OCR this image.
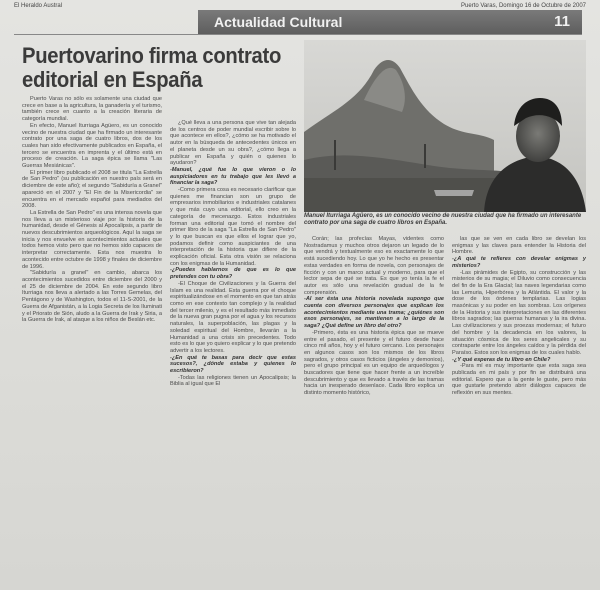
El Heraldo Austral	Puerto Varas, Domingo 16 de Octubre de 2007
Actualidad Cultural	11
Puertovarino firma contrato editorial en España

Puerto Varas no sólo es solamente una ciudad que crece en base a la agricultura, la ganadería y el turismo, también crece en cuanto a la creación literaria de categoría mundial.

En efecto, Manuel Iturriaga Agüero, es un conocido vecino de nuestra ciudad que ha firmado un interesante contrato por una saga de cuatro libros, dos de los cuales han sido efectivamente publicados en España, el tercero se encuentra en imprenta y el último está en proceso de creación. La saga épica se llama "Las Guerras Mesiánicas".

El primer libro publicado el 2008 se titula "La Estrella de San Pedro" (su publicación en nuestro país será en diciembre de este año); el segundo "Sabiduría a Granel" apareció en el 2007 y "El Fin de la Misericordia" se encuentra en el mercado español para mediados del 2008.

La Estrella de San Pedro" es una intensa novela que nos lleva a un misterioso viaje por la historia de la humanidad, desde el Génesis al Apocalipsis, a partir de nuevos descubrimientos arqueológicos. Aquí la saga se inicia y nos envuelve en acontecimientos actuales que todos hemos visto pero que no hemos sido capaces de interpretar correctamente. Esta nos muestra lo acontecido entre octubre de 1998 y finales de diciembre de 1996.

"Sabiduría a granel" en cambio, abarca los acontecimientos sucedidos entre diciembre del 2000 y el 25 de diciembre de 2004. En este segundo libro Iturriaga nos lleva a alertado a las Torres Gemelas, del Pentágono y de Washington, todos el 11-S-2001, de la Guerra de Afganistán, a la Logia Secreta de los Iluminati y el Priorato de Sión, aludo a la Guerra de Irak y Siria, a la Guerra de Irak, al ataque a los niños de Beslán etc.

¿Qué lleva a una persona que vive tan alejada de los centros de poder mundial escribir sobre lo que acontece en ellos?, ¿cómo se ha motivado el autor en la búsqueda de antecedentes únicos en el planeta desde un su obra?, ¿cómo llega a publicar en España y quién o quienes lo ayudaron?

-Manuel, ¿qué fue lo que vieron o lo auspiciadores en tu trabajo que les llevó a financiar la saga?

-Como primera cosa es necesario clarificar que quienes me financian son un grupo de empresarios inmobiliarios e industriales catalanes y que más cuyo una editorial, ello creo en la categoría de mecenazgo. Estos industriales forman una editorial que tomó el nombre del primer libro de la saga "La Estrella de San Pedro" y lo que buscan es que ellos el lograr que yo, podamos definir como auspiciantes de una interpretación de la historia que difiere de la explicación oficial. Esta otra visión se relaciona con los enigmas de la Humanidad.

-¿Puedes hablarnos de que es lo que pretendes con tu obra?

-El Choque de Civilizaciones y la Guerra del Islam es una realidad. Esta guerra por el choque espiritualizándose en el momento en que tan atrás como en ese contexto tan complejo y la realidad del tercer milenio, y es el resultado más inmediato de la nueva gran pugna por el agua y los recursos naturales, la superpoblación, las plagas y la soledad espiritual del Hombre, llevarán a la Humanidad a una crisis sin precedentes. Todo esto es lo que yo quiero explicar y lo que pretendo advertir a los lectores.

-¿En qué te basas para decir que estas sucesos?, ¿dónde estaba y quienes lo escribieron?

-Todas las religiones tienen un Apocalipsis; la Biblia al igual que El

Manuel Iturriaga Agüero, es un conocido vecino de nuestra ciudad que ha firmado un interesante contrato por una saga de cuatro libros en España.

Corán; las profecías Mayas, videntes como Nostradamus y muchos otros dejaron un legado de lo que vendrá y textualmente eso es exactamente lo que está sucediendo hoy. Lo que yo he hecho es presentar estas verdades en forma de novela, con personajes de ficción y con un marco actual y moderno, para que el lector sepa de qué se trata. Es que yo tenía la fe el autor es sólo una revelación gradual de la fe comprensión.

-Al ser ésta una historia novelada supongo que cuenta con diversos personajes que explican los acontecimientos mediante una trama; ¿quiénes son esos personajes, se mantienen a lo largo de la saga? ¿Qué define un libro del otro?

-Primero, ésta es una historia épica que se mueve entre el pasado, el presente y el futuro desde hace cinco mil años, hoy y el futuro cercano. Los personajes en algunos casos son los mismos de los libros sagrados, y otros casos ficticios (ángeles y demonios), pero el grupo principal es un equipo de arqueólogos y buscadores que tiene que hacer frente a un increíble descubrimiento y que es llevado a través de las tramas hacia un inesperado desenlace. Cada libro explica un distinto momento histórico,

las que se ven en cada libro se develan los enigmas y las claves para entender la Historia del Hombre.

-¿A qué te refieres con develar enigmas y misterios?

-Las pirámides de Egipto, su construcción y las misterios de su magia; el Diluvio como consecuencia del fin de la Era Glacial; las naves legendarias como las Lemuria, Hiperbórea y la Atlántida. El valor y la dose de los órdenes templarias. Las logias masónicas y su poder en las sombras. Los orígenes de la Historia y sus interpretaciones en las diferentes libros sagrados; las guerras humanas y la ira divina. Las civilizaciones y sus proezas modernas; el futuro del hombre y la decadencia en los valores, la situación cósmica de los seres angelicales y su contraparte entre los ángeles caídos y la pérdida del Paraíso. Estos son los enigmas de los cuales hablo.

-¿Y qué esperas de tu libro en Chile?

-Para mí es muy importante que esta saga sea publicada en mi país y por fin se distribuirá una editorial. Espero que a la gente le guste, pero más que gustarle pretendo abrir diálogos capaces de reflexión en sus mentes.
